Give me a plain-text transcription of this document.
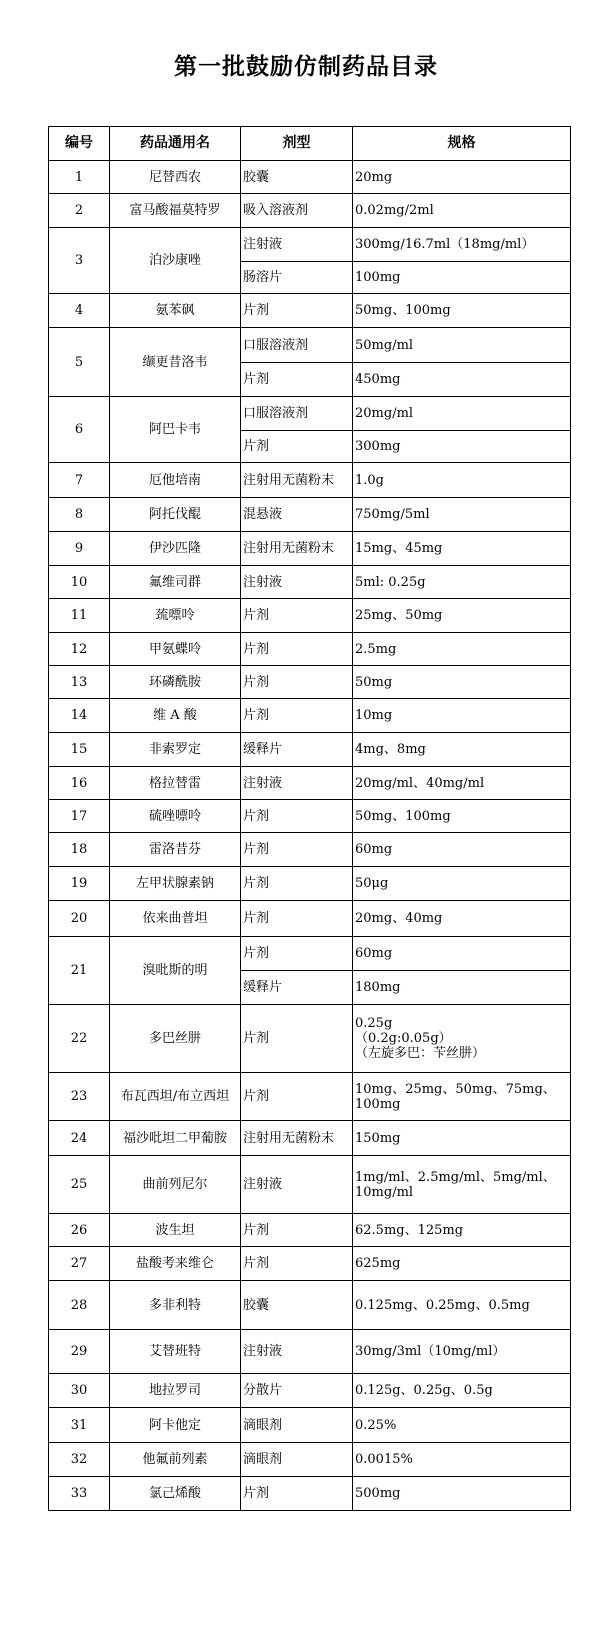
第一批鼓励仿制药品目录
编号	药品通用名	剂型	规格
1	尼替西农	胶囊	20mg

2	富马酸福莫特罗	吸入溶液剂	0.02mg/2ml

3	泊沙康唑	注射液	300mg/16.7ml（18mg/ml）

		肠溶片	100mg

4	氨苯砜	片剂	50mg、100mg

5	缬更昔洛韦	口服溶液剂	50mg/ml

		片剂	450mg

6	阿巴卡韦	口服溶液剂	20mg/ml

		片剂	300mg

7	厄他培南	注射用无菌粉末	1.0g

8	阿托伐醌	混悬液	750mg/5ml

9	伊沙匹隆	注射用无菌粉末	15mg、45mg

10	氟维司群	注射液	5ml: 0.25g

11	巯嘌呤	片剂	25mg、50mg

12	甲氨蝶呤	片剂	2.5mg

13	环磷酰胺	片剂	50mg

14	维 A 酸	片剂	10mg

15	非索罗定	缓释片	4mg、8mg

16	格拉替雷	注射液	20mg/ml、40mg/ml

17	硫唑嘌呤	片剂	50mg、100mg

18	雷洛昔芬	片剂	60mg

19	左甲状腺素钠	片剂	50μg

20	依来曲普坦	片剂	20mg、40mg

21	溴吡斯的明	片剂	60mg

		缓释片	180mg

22	多巴丝肼	片剂	0.25g
（0.2g:0.05g）
（左旋多巴：苄丝肼）

23	布瓦西坦/布立西坦	片剂	10mg、25mg、50mg、75mg、
100mg

24	福沙吡坦二甲葡胺	注射用无菌粉末	150mg

25	曲前列尼尔	注射液	1mg/ml、2.5mg/ml、5mg/ml、
10mg/ml

26	波生坦	片剂	62.5mg、125mg

27	盐酸考来维仑	片剂	625mg

28	多非利特	胶囊	0.125mg、0.25mg、0.5mg

29	艾替班特	注射液	30mg/3ml（10mg/ml）

30	地拉罗司	分散片	0.125g、0.25g、0.5g

31	阿卡他定	滴眼剂	0.25%

32	他氟前列素	滴眼剂	0.0015%

33	氯己烯酸	片剂	500mg
